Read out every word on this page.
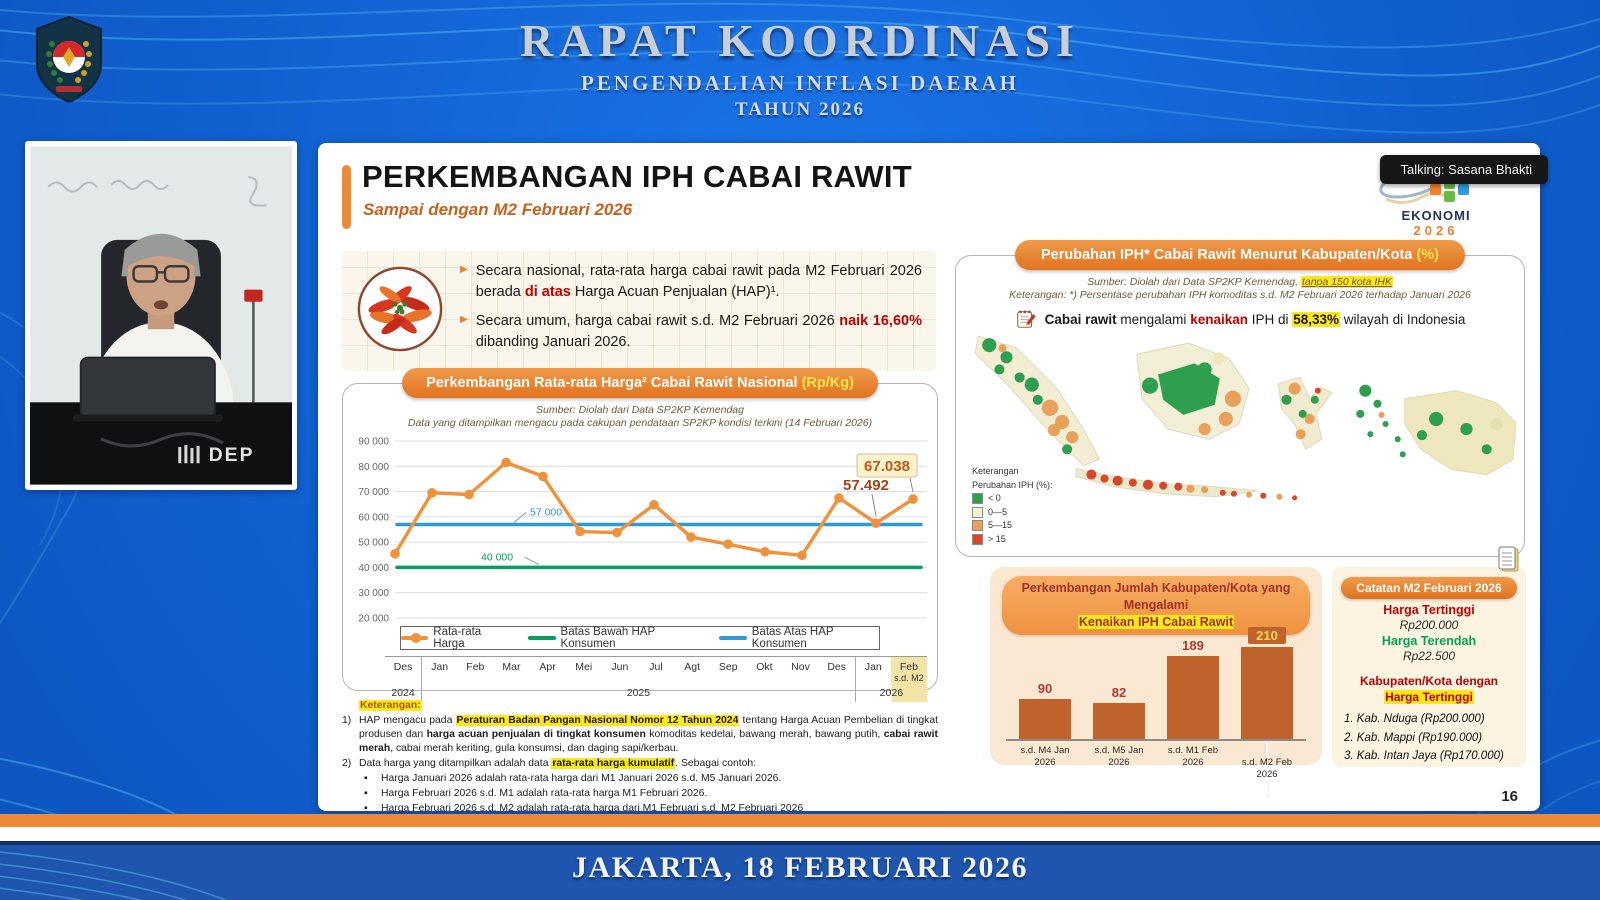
RAPAT KOORDINASI
PENGENDALIAN INFLASI DAERAH
TAHUN 2026
DEP
PERKEMBANGAN IPH CABAI RAWIT
Sampai dengan M2 Februari 2026	EKONOMI
2026
Talking: Sasana Bhakti
▶ Secara nasional, rata-rata harga cabai rawit pada M2 Februari 2026 berada di atas Harga Acuan Penjualan (HAP)¹.
▶ Secara umum, harga cabai rawit s.d. M2 Februari 2026 naik 16,60% dibanding Januari 2026.
Perkembangan Rata-rata Harga² Cabai Rawit Nasional (Rp/Kg)
Sumber: Diolah dari Data SP2KP Kemendag
Data yang ditampilkan mengacu pada cakupan pendataan SP2KP kondisi terkini (14 Februari 2026)
90 000
80 000
70 000
60 000
50 000
40 000
30 000
20 000
57 000
40 000
57.492
67.038
Rata-rata Harga
Batas Bawah HAP Konsumen
Batas Atas HAP Konsumen
Des	Jan	Feb	Mar	Apr	Mei	Jun	Jul	Agt	Sep	Okt	Nov	Des	Jan	Feb
s.d. M2
2024	2025	2026
Keterangan:
1) HAP mengacu pada Peraturan Badan Pangan Nasional Nomor 12 Tahun 2024 tentang Harga Acuan Pembelian di tingkat produsen dan harga acuan penjualan di tingkat konsumen komoditas kedelai, bawang merah, bawang putih, cabai rawit merah, cabai merah keriting, gula konsumsi, dan daging sapi/kerbau.
2) Data harga yang ditampilkan adalah data rata-rata harga kumulatif. Sebagai contoh:
▪	Harga Januari 2026 adalah rata-rata harga dari M1 Januari 2026 s.d. M5 Januari 2026.
▪	Harga Februari 2026 s.d. M1 adalah rata-rata harga M1 Februari 2026.
▪	Harga Februari 2026 s.d. M2 adalah rata-rata harga dari M1 Februari s.d. M2 Februari 2026
Perubahan IPH* Cabai Rawit Menurut Kabupaten/Kota (%)
Sumber: Diolah dari Data SP2KP Kemendag, tanpa 150 kota IHK
Keterangan: *) Persentase perubahan IPH komoditas s.d. M2 Februari 2026 terhadap Januari 2026
Cabai rawit mengalami kenaikan IPH di 58,33% wilayah di Indonesia
Keterangan
Perubahan IPH (%):
< 0
0—5
5—15
> 15
Perkembangan Jumlah Kabupaten/Kota yang Mengalami
Kenaikan IPH Cabai Rawit
90	82
189
210
s.d. M4 Jan
2026
s.d. M5 Jan
2026
s.d. M1 Feb
2026	s.d. M2 Feb
2026
Catatan M2 Februari 2026
Harga Tertinggi
Rp200.000
Harga Terendah
Rp22.500
Kabupaten/Kota dengan
Harga Tertinggi
1. Kab. Nduga (Rp200.000)
2. Kab. Mappi (Rp190.000)
3. Kab. Intan Jaya (Rp170.000)
16
JAKARTA, 18 FEBRUARI 2026
